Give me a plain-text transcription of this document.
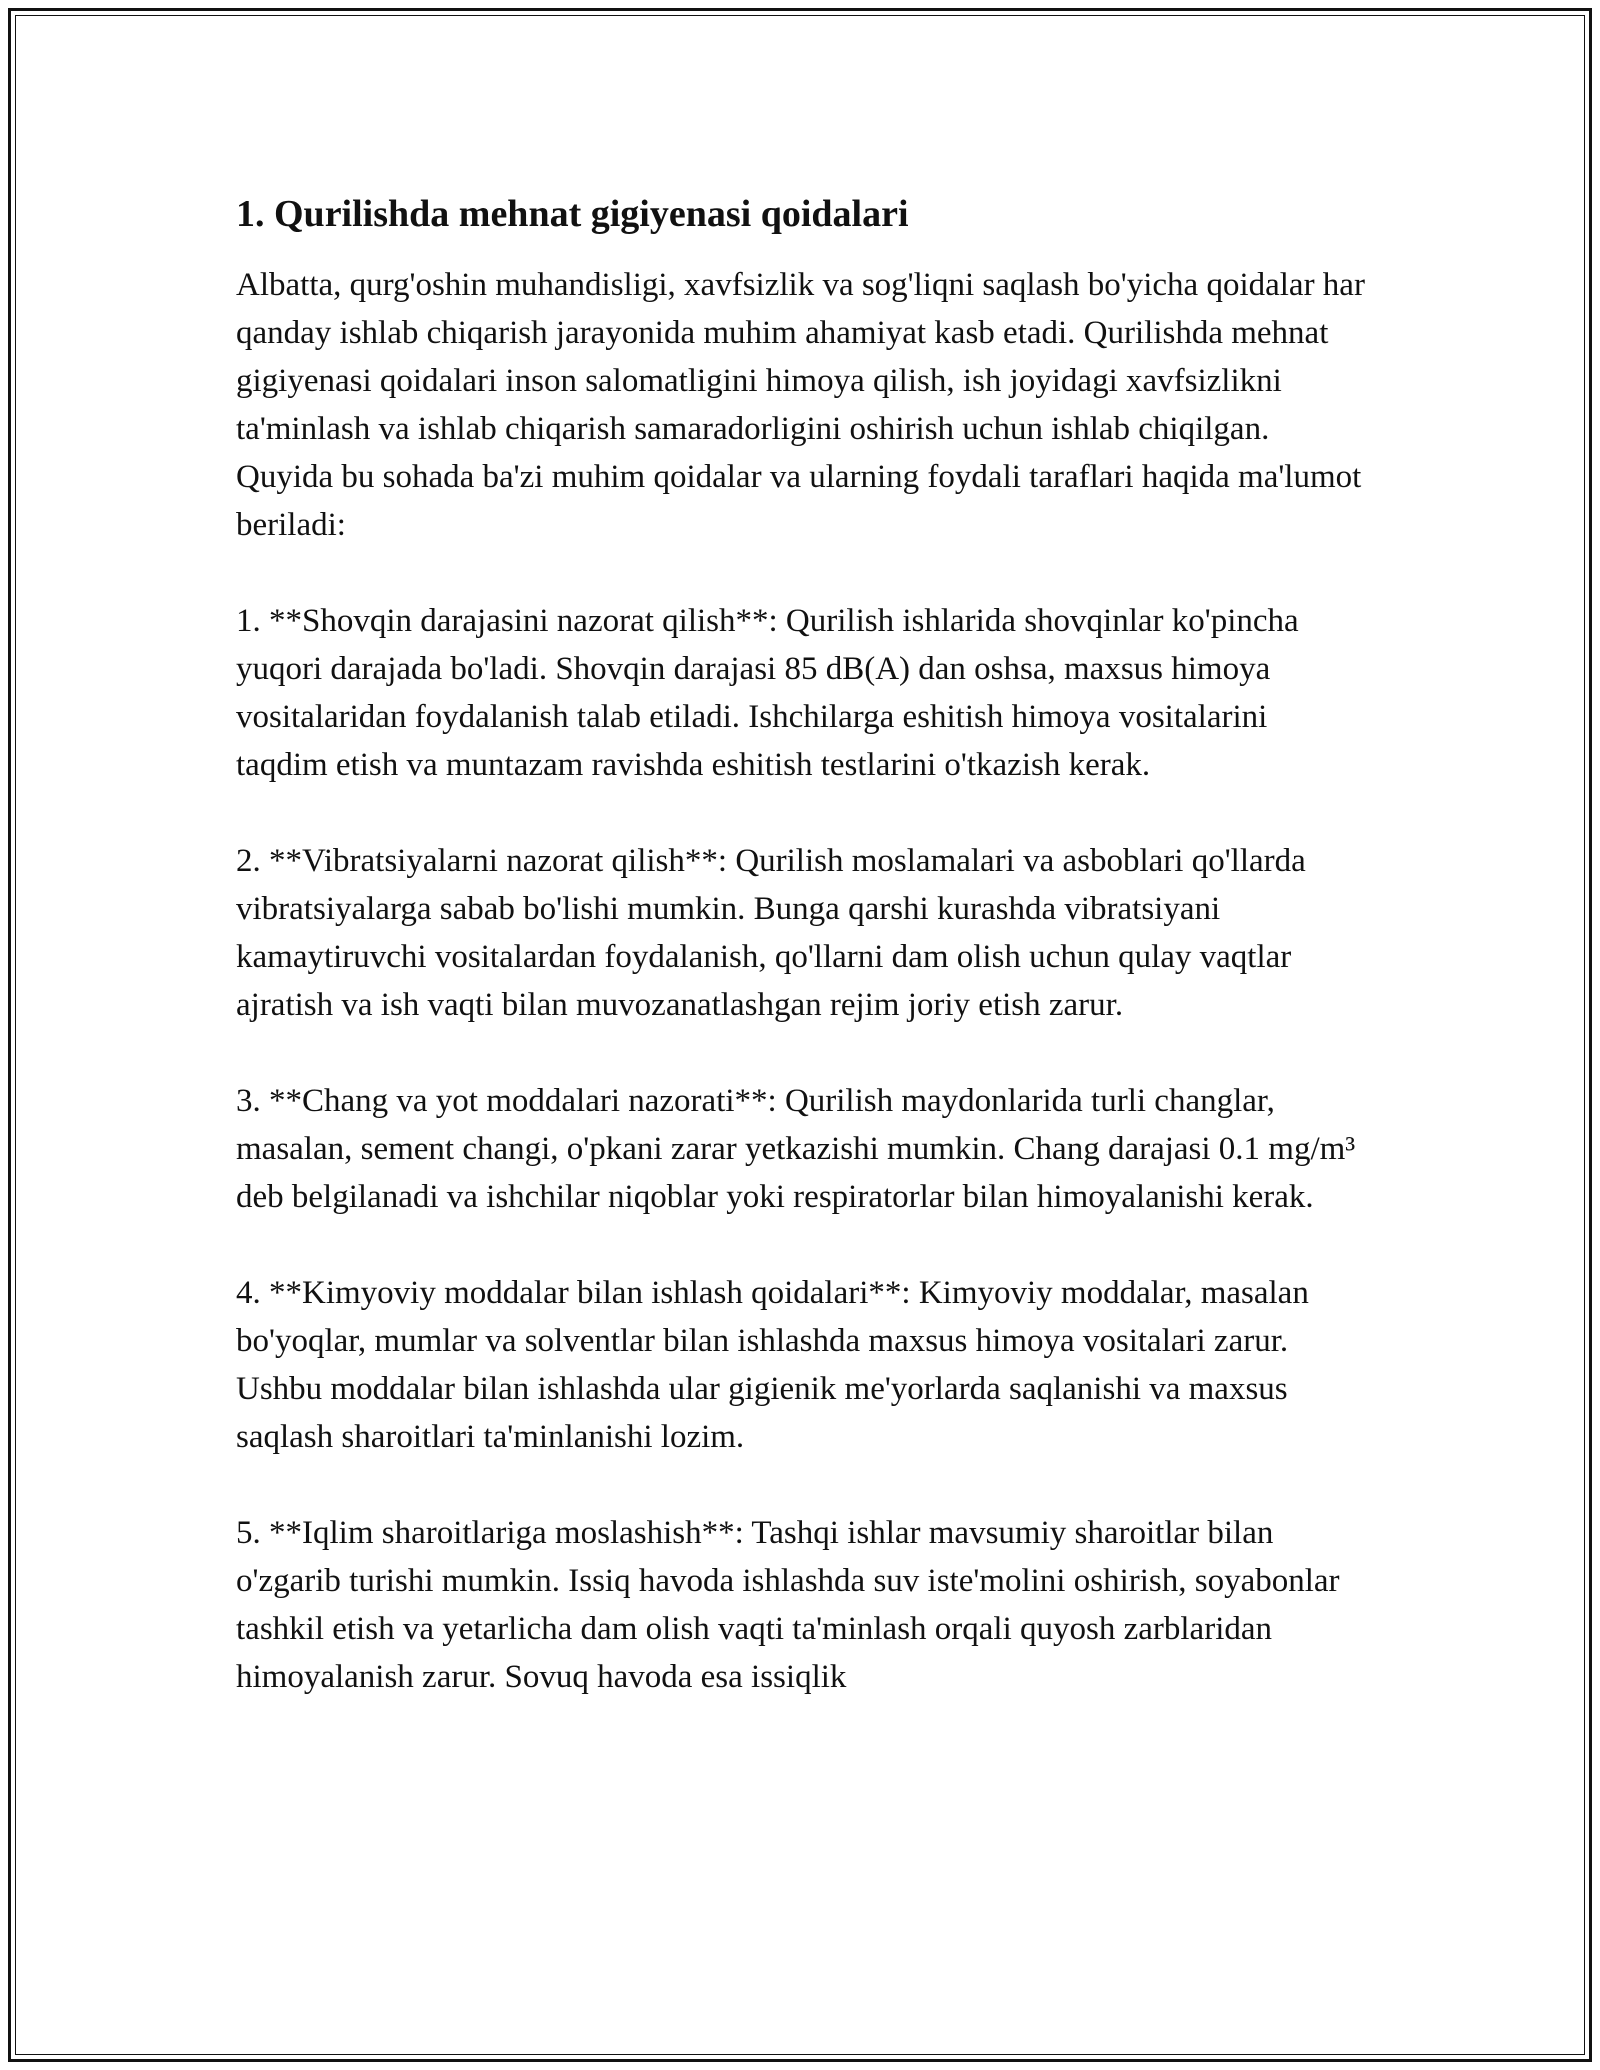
1. Qurilishda mehnat gigiyenasi qoidalari

Albatta, qurg'oshin muhandisligi, xavfsizlik va sog'liqni saqlash bo'yicha qoidalar har qanday ishlab chiqarish jarayonida muhim ahamiyat kasb etadi. Qurilishda mehnat gigiyenasi qoidalari inson salomatligini himoya qilish, ish joyidagi xavfsizlikni ta'minlash va ishlab chiqarish samaradorligini oshirish uchun ishlab chiqilgan. Quyida bu sohada ba'zi muhim qoidalar va ularning foydali taraflari haqida ma'lumot beriladi:

1. **Shovqin darajasini nazorat qilish**: Qurilish ishlarida shovqinlar ko'pincha yuqori darajada bo'ladi. Shovqin darajasi 85 dB(A) dan oshsa, maxsus himoya vositalaridan foydalanish talab etiladi. Ishchilarga eshitish himoya vositalarini taqdim etish va muntazam ravishda eshitish testlarini o'tkazish kerak.

2. **Vibratsiyalarni nazorat qilish**: Qurilish moslamalari va asboblari qo'llarda vibratsiyalarga sabab bo'lishi mumkin. Bunga qarshi kurashda vibratsiyani kamaytiruvchi vositalardan foydalanish, qo'llarni dam olish uchun qulay vaqtlar ajratish va ish vaqti bilan muvozanatlashgan rejim joriy etish zarur.

3. **Chang va yot moddalari nazorati**: Qurilish maydonlarida turli changlar, masalan, sement changi, o'pkani zarar yetkazishi mumkin. Chang darajasi 0.1 mg/m³ deb belgilanadi va ishchilar niqoblar yoki respiratorlar bilan himoyalanishi kerak.

4. **Kimyoviy moddalar bilan ishlash qoidalari**: Kimyoviy moddalar, masalan bo'yoqlar, mumlar va solventlar bilan ishlashda maxsus himoya vositalari zarur. Ushbu moddalar bilan ishlashda ular gigienik me'yorlarda saqlanishi va maxsus saqlash sharoitlari ta'minlanishi lozim.

5. **Iqlim sharoitlariga moslashish**: Tashqi ishlar mavsumiy sharoitlar bilan o'zgarib turishi mumkin. Issiq havoda ishlashda suv iste'molini oshirish, soyabonlar tashkil etish va yetarlicha dam olish vaqti ta'minlash orqali quyosh zarblaridan himoyalanish zarur. Sovuq havoda esa issiqlik
